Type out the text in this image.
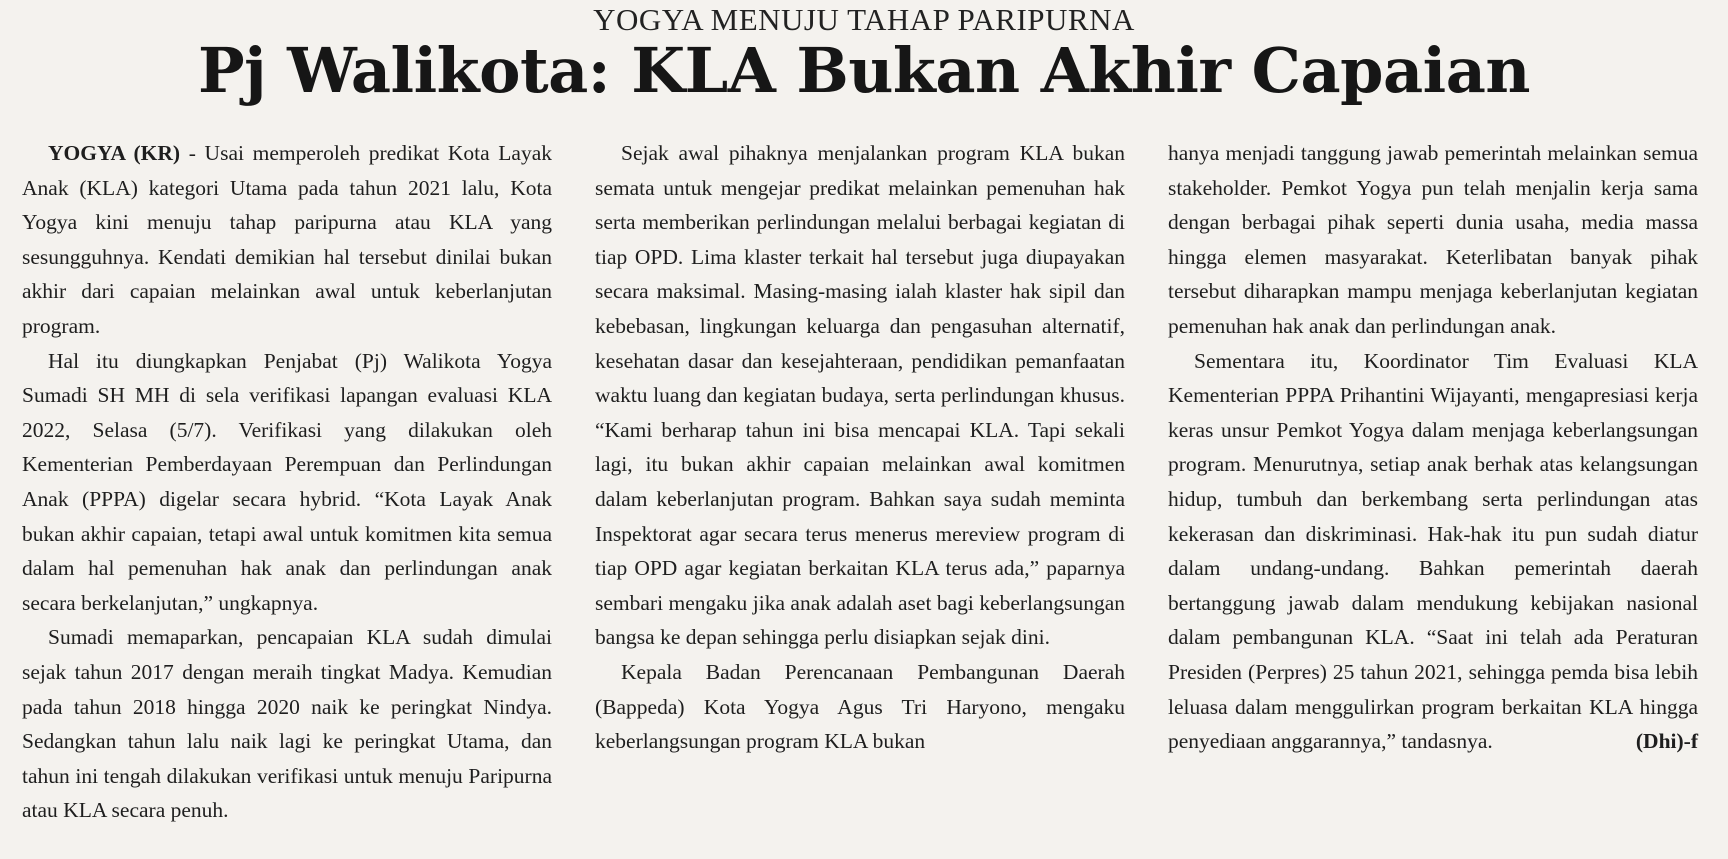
YOGYA MENUJU TAHAP PARIPURNA
Pj Walikota: KLA Bukan Akhir Capaian

YOGYA (KR) - Usai memperoleh predikat Kota Layak Anak (KLA) kategori Utama pada tahun 2021 lalu, Kota Yogya kini menuju tahap paripurna atau KLA yang sesungguhnya. Kendati demikian hal tersebut dinilai bukan akhir dari capaian melainkan awal untuk keberlanjutan program.

Hal itu diungkapkan Penjabat (Pj) Walikota Yogya Sumadi SH MH di sela verifikasi lapangan evaluasi KLA 2022, Selasa (5/7). Verifikasi yang dilakukan oleh Kementerian Pemberdayaan Perempuan dan Perlindungan Anak (PPPA) digelar secara hybrid. “Kota Layak Anak bukan akhir capaian, tetapi awal untuk komitmen kita semua dalam hal pemenuhan hak anak dan perlindungan anak secara berkelanjutan,” ungkapnya.

Sumadi memaparkan, pencapaian KLA sudah dimulai sejak tahun 2017 dengan meraih tingkat Madya. Kemudian pada tahun 2018 hingga 2020 naik ke peringkat Nindya. Sedangkan tahun lalu naik lagi ke peringkat Utama, dan tahun ini tengah dilakukan verifikasi untuk menuju Paripurna atau KLA secara penuh.

Sejak awal pihaknya menjalankan program KLA bukan semata untuk mengejar predikat melainkan pemenuhan hak serta memberikan perlindungan melalui berbagai kegiatan di tiap OPD. Lima klaster terkait hal tersebut juga diupayakan secara maksimal. Masing-masing ialah klaster hak sipil dan kebebasan, lingkungan keluarga dan pengasuhan alternatif, kesehatan dasar dan kesejahteraan, pendidikan pemanfaatan waktu luang dan kegiatan budaya, serta perlindungan khusus. “Kami berharap tahun ini bisa mencapai KLA. Tapi sekali lagi, itu bukan akhir capaian melainkan awal komitmen dalam keberlanjutan program. Bahkan saya sudah meminta Inspektorat agar secara terus menerus mereview program di tiap OPD agar kegiatan berkaitan KLA terus ada,” paparnya sembari mengaku jika anak adalah aset bagi keberlangsungan bangsa ke depan sehingga perlu disiapkan sejak dini.

Kepala Badan Perencanaan Pembangunan Daerah (Bappeda) Kota Yogya Agus Tri Haryono, mengaku keberlangsungan program KLA bukan

hanya menjadi tanggung jawab pemerintah melainkan semua stakeholder. Pemkot Yogya pun telah menjalin kerja sama dengan berbagai pihak seperti dunia usaha, media massa hingga elemen masyarakat. Keterlibatan banyak pihak tersebut diharapkan mampu menjaga keberlanjutan kegiatan pemenuhan hak anak dan perlindungan anak.

Sementara itu, Koordinator Tim Evaluasi KLA Kementerian PPPA Prihantini Wijayanti, mengapresiasi kerja keras unsur Pemkot Yogya dalam menjaga keberlangsungan program. Menurutnya, setiap anak berhak atas kelangsungan hidup, tumbuh dan berkembang serta perlindungan atas kekerasan dan diskriminasi. Hak-hak itu pun sudah diatur dalam undang-undang. Bahkan pemerintah daerah bertanggung jawab dalam mendukung kebijakan nasional dalam pembangunan KLA. “Saat ini telah ada Peraturan Presiden (Perpres) 25 tahun 2021, sehingga pemda bisa lebih leluasa dalam menggulirkan program berkaitan KLA hingga penyediaan anggarannya,” tandasnya.	(Dhi)-f
